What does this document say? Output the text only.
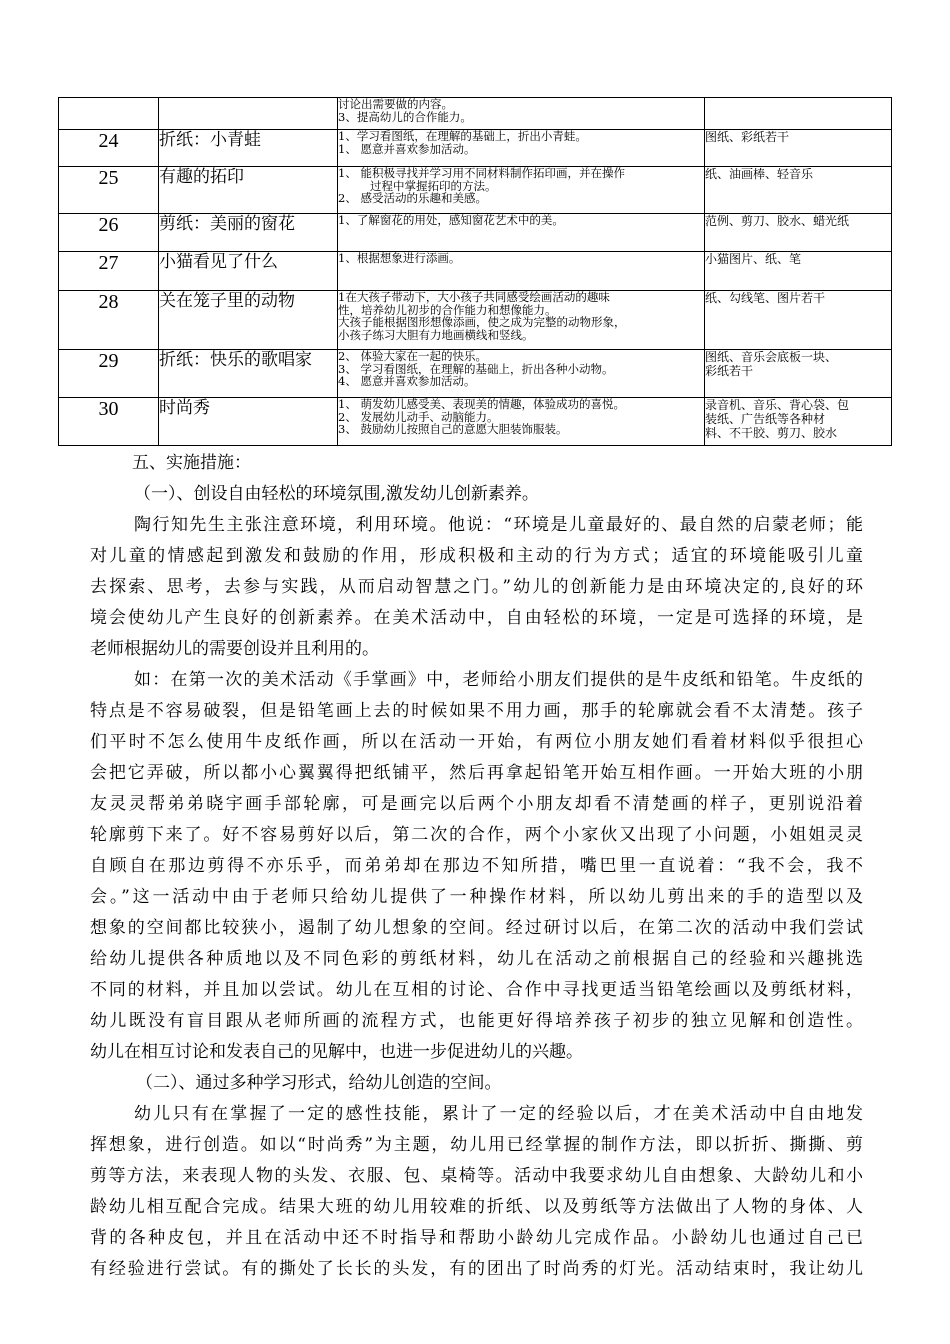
		讨论出需要做的内容。
3、提高幼儿的合作能力。	

24	折纸：小青蛙	1、学习看图纸，在理解的基础上，折出小青蛙。
1、 愿意并喜欢参加活动。	图纸、彩纸若干
25	有趣的拓印	1、 能积极寻找并学习用不同材料制作拓印画，并在操作
过程中掌握拓印的方法。
2、 感受活动的乐趣和美感。	纸、油画棒、轻音乐
26	剪纸：美丽的窗花	1、了解窗花的用处，感知窗花艺术中的美。	范例、剪刀、胶水、蜡光纸
27	小猫看见了什么	1、根据想象进行添画。	小猫图片、纸、笔
28	关在笼子里的动物	1在大孩子带动下，大小孩子共同感受绘画活动的趣味
性，培养幼儿初步的合作能力和想像能力。
大孩子能根据图形想像添画，使之成为完整的动物形象，
小孩子练习大胆有力地画横线和竖线。	纸、勾线笔、图片若干
29	折纸：快乐的歌唱家	2、 体验大家在一起的快乐。
3、 学习看图纸，在理解的基础上，折出各种小动物。
4、 愿意并喜欢参加活动。	图纸、音乐会底板一块、
彩纸若干

30	时尚秀	1、 萌发幼儿感受美、表现美的情趣，体验成功的喜悦。
2、 发展幼儿动手、动脑能力。
3、 鼓励幼儿按照自己的意愿大胆装饰服装。	录音机、音乐、背心袋、包
装纸、广告纸等各种材
料、不干胶、剪刀、胶水
五、实施措施：
（一）、创设自由轻松的环境氛围,激发幼儿创新素养。
陶行知先生主张注意环境，利用环境。他说：“环境是儿童最好的、最自然的启蒙老师；能
对儿童的情感起到激发和鼓励的作用，形成积极和主动的行为方式；适宜的环境能吸引儿童
去探索、思考，去参与实践，从而启动智慧之门。”幼儿的创新能力是由环境决定的,良好的环
境会使幼儿产生良好的创新素养。在美术活动中，自由轻松的环境，一定是可选择的环境，是
老师根据幼儿的需要创设并且利用的。
如：在第一次的美术活动《手掌画》中，老师给小朋友们提供的是牛皮纸和铅笔。牛皮纸的
特点是不容易破裂，但是铅笔画上去的时候如果不用力画，那手的轮廓就会看不太清楚。孩子
们平时不怎么使用牛皮纸作画，所以在活动一开始，有两位小朋友她们看着材料似乎很担心
会把它弄破，所以都小心翼翼得把纸铺平，然后再拿起铅笔开始互相作画。一开始大班的小朋
友灵灵帮弟弟晓宇画手部轮廓，可是画完以后两个小朋友却看不清楚画的样子，更别说沿着
轮廓剪下来了。好不容易剪好以后，第二次的合作，两个小家伙又出现了小问题，小姐姐灵灵
自顾自在那边剪得不亦乐乎，而弟弟却在那边不知所措，嘴巴里一直说着：“我不会，我不
会。”这一活动中由于老师只给幼儿提供了一种操作材料，所以幼儿剪出来的手的造型以及
想象的空间都比较狭小，遏制了幼儿想象的空间。经过研讨以后，在第二次的活动中我们尝试
给幼儿提供各种质地以及不同色彩的剪纸材料，幼儿在活动之前根据自己的经验和兴趣挑选
不同的材料，并且加以尝试。幼儿在互相的讨论、合作中寻找更适当铅笔绘画以及剪纸材料，
幼儿既没有盲目跟从老师所画的流程方式，也能更好得培养孩子初步的独立见解和创造性。
幼儿在相互讨论和发表自己的见解中，也进一步促进幼儿的兴趣。
（二）、通过多种学习形式，给幼儿创造的空间。
幼儿只有在掌握了一定的感性技能，累计了一定的经验以后，才在美术活动中自由地发
挥想象，进行创造。如以“时尚秀”为主题，幼儿用已经掌握的制作方法，即以折折、撕撕、剪
剪等方法，来表现人物的头发、衣服、包、桌椅等。活动中我要求幼儿自由想象、大龄幼儿和小
龄幼儿相互配合完成。结果大班的幼儿用较难的折纸、以及剪纸等方法做出了人物的身体、人
背的各种皮包，并且在活动中还不时指导和帮助小龄幼儿完成作品。小龄幼儿也通过自己已
有经验进行尝试。有的撕处了长长的头发，有的团出了时尚秀的灯光。活动结束时，我让幼儿
